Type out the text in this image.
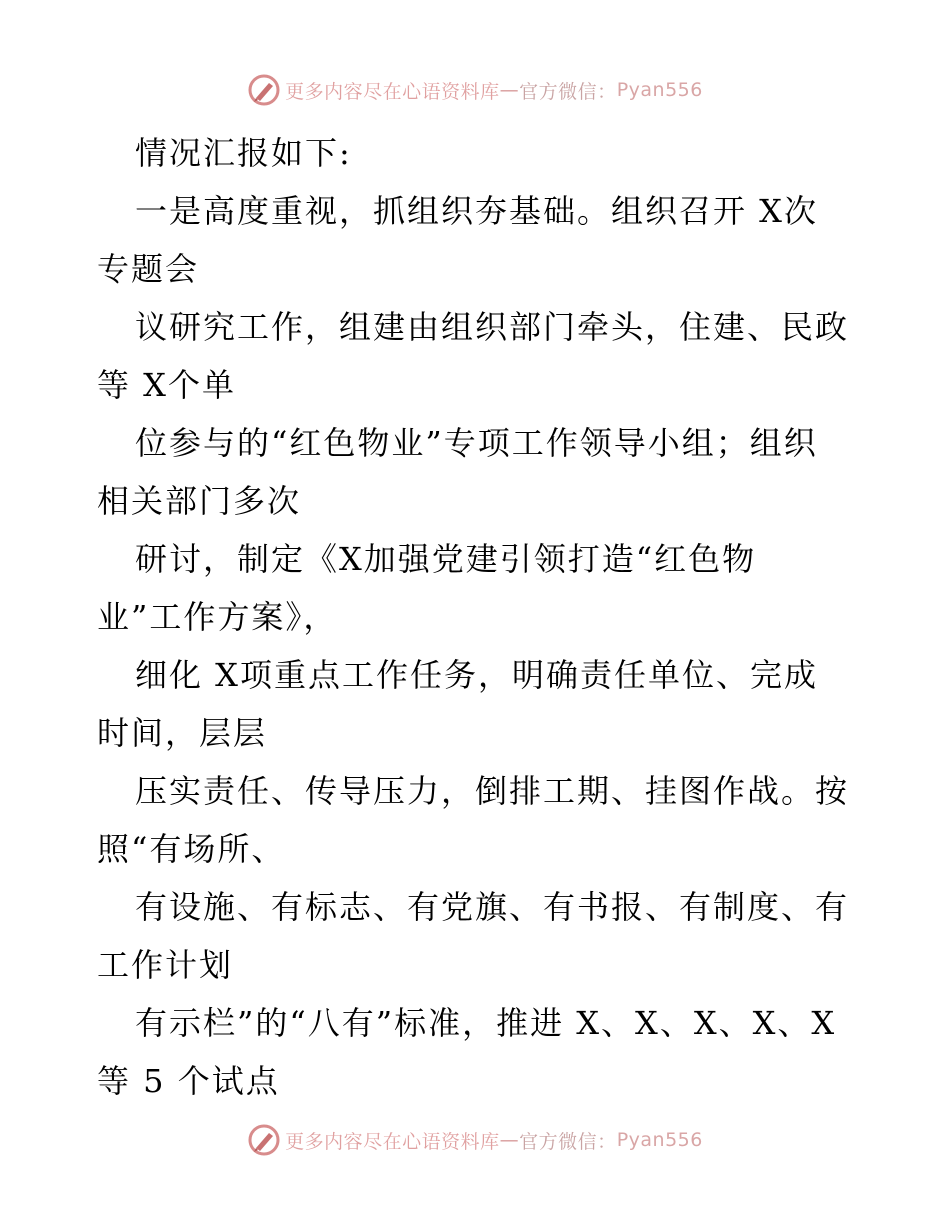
更多内容尽在心语资料库 — 官方微信： Pyan556
情况汇报如下:
一是高度重视，抓组织夯基础。组织召开 X次
专题会
议研究工作，组建由组织部门牵头，住建、民政
等 X个单
位参与的“红色物业”专项工作领导小组；组织
相关部门多次
研讨，制定《X加强党建引领打造“红色物
业”工作方案》，
细化 X项重点工作任务，明确责任单位、完成
时间，层层
压实责任、传导压力，倒排工期、挂图作战。按
照“有场所、
有设施、有标志、有党旗、有书报、有制度、有
工作计划
有示栏”的“八有”标准，推进 X、X、X、X、X
等 5 个试点
更多内容尽在心语资料库 — 官方微信： Pyan556
